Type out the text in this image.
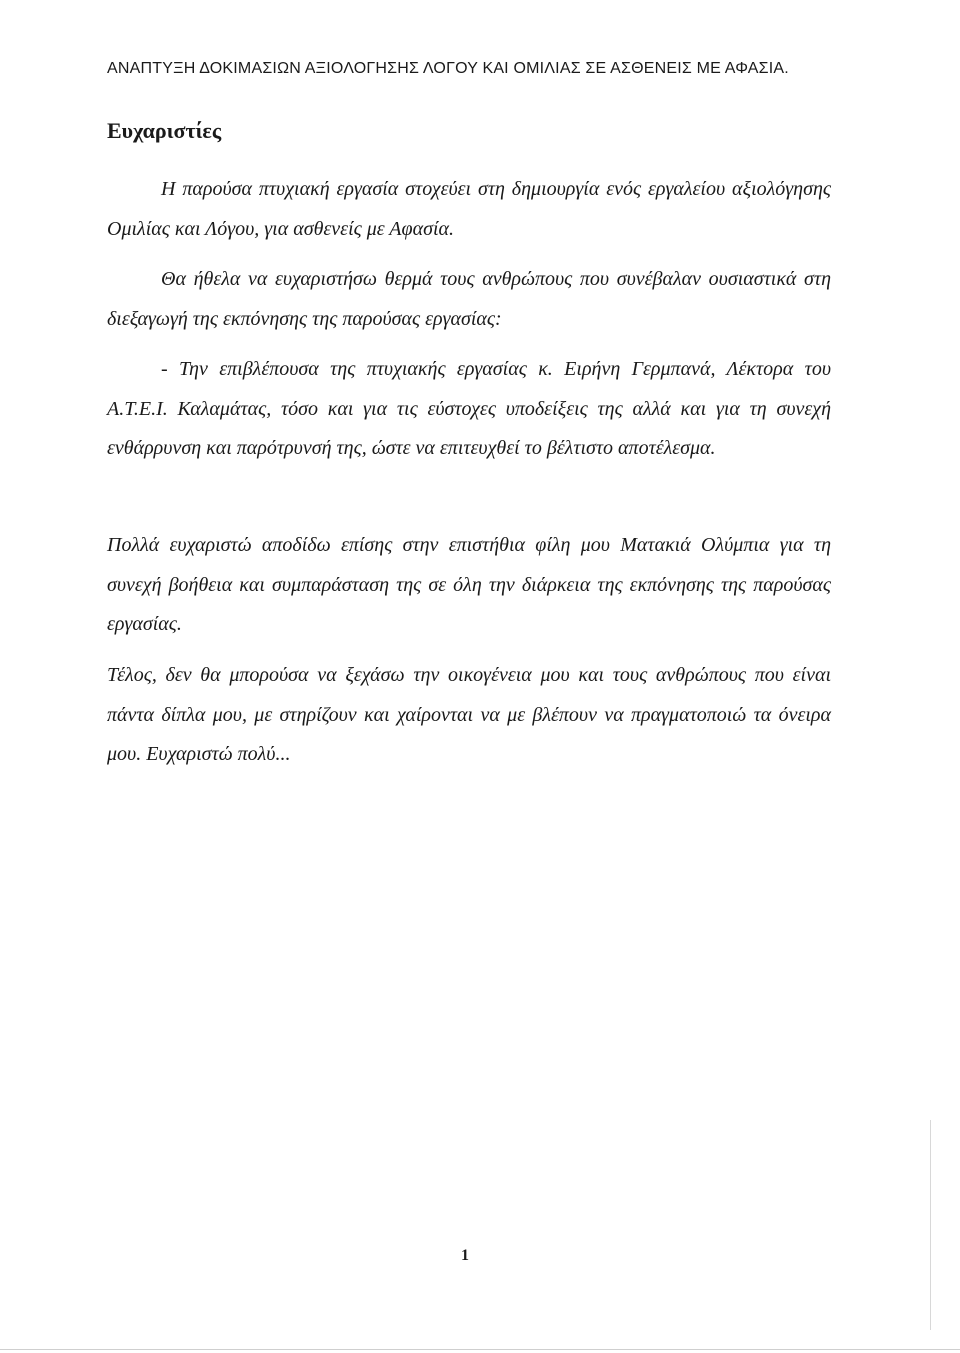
ΑΝΑΠΤΥΞΗ ΔΟΚΙΜΑΣΙΩΝ ΑΞΙΟΛΟΓΗΣΗΣ ΛΟΓΟΥ ΚΑΙ ΟΜΙΛΙΑΣ ΣΕ ΑΣΘΕΝΕΙΣ ΜΕ ΑΦΑΣΙΑ.
Ευχαριστίες

Η παρούσα πτυχιακή εργασία στοχεύει στη δημιουργία ενός εργαλείου αξιολόγησης Ομιλίας και Λόγου, για ασθενείς με Αφασία.

Θα ήθελα να ευχαριστήσω θερμά τους ανθρώπους που συνέβαλαν ουσιαστικά στη διεξαγωγή της εκπόνησης της παρούσας εργασίας:

- Την επιβλέπουσα της πτυχιακής εργασίας κ. Ειρήνη Γερμπανά, Λέκτορα του Α.Τ.Ε.Ι. Καλαμάτας, τόσο και για τις εύστοχες υποδείξεις της αλλά και για τη συνεχή ενθάρρυνση και παρότρυνσή της, ώστε να επιτευχθεί το βέλτιστο αποτέλεσμα.

Πολλά ευχαριστώ αποδίδω επίσης στην επιστήθια φίλη μου Ματακιά Ολύμπια για τη συνεχή βοήθεια και συμπαράσταση της σε όλη την διάρκεια της εκπόνησης της παρούσας εργασίας.

Τέλος, δεν θα μπορούσα να ξεχάσω την οικογένεια μου και τους ανθρώπους που είναι πάντα δίπλα μου, με στηρίζουν και χαίρονται να με βλέπουν να πραγματοποιώ τα όνειρα μου. Ευχαριστώ πολύ...

1
